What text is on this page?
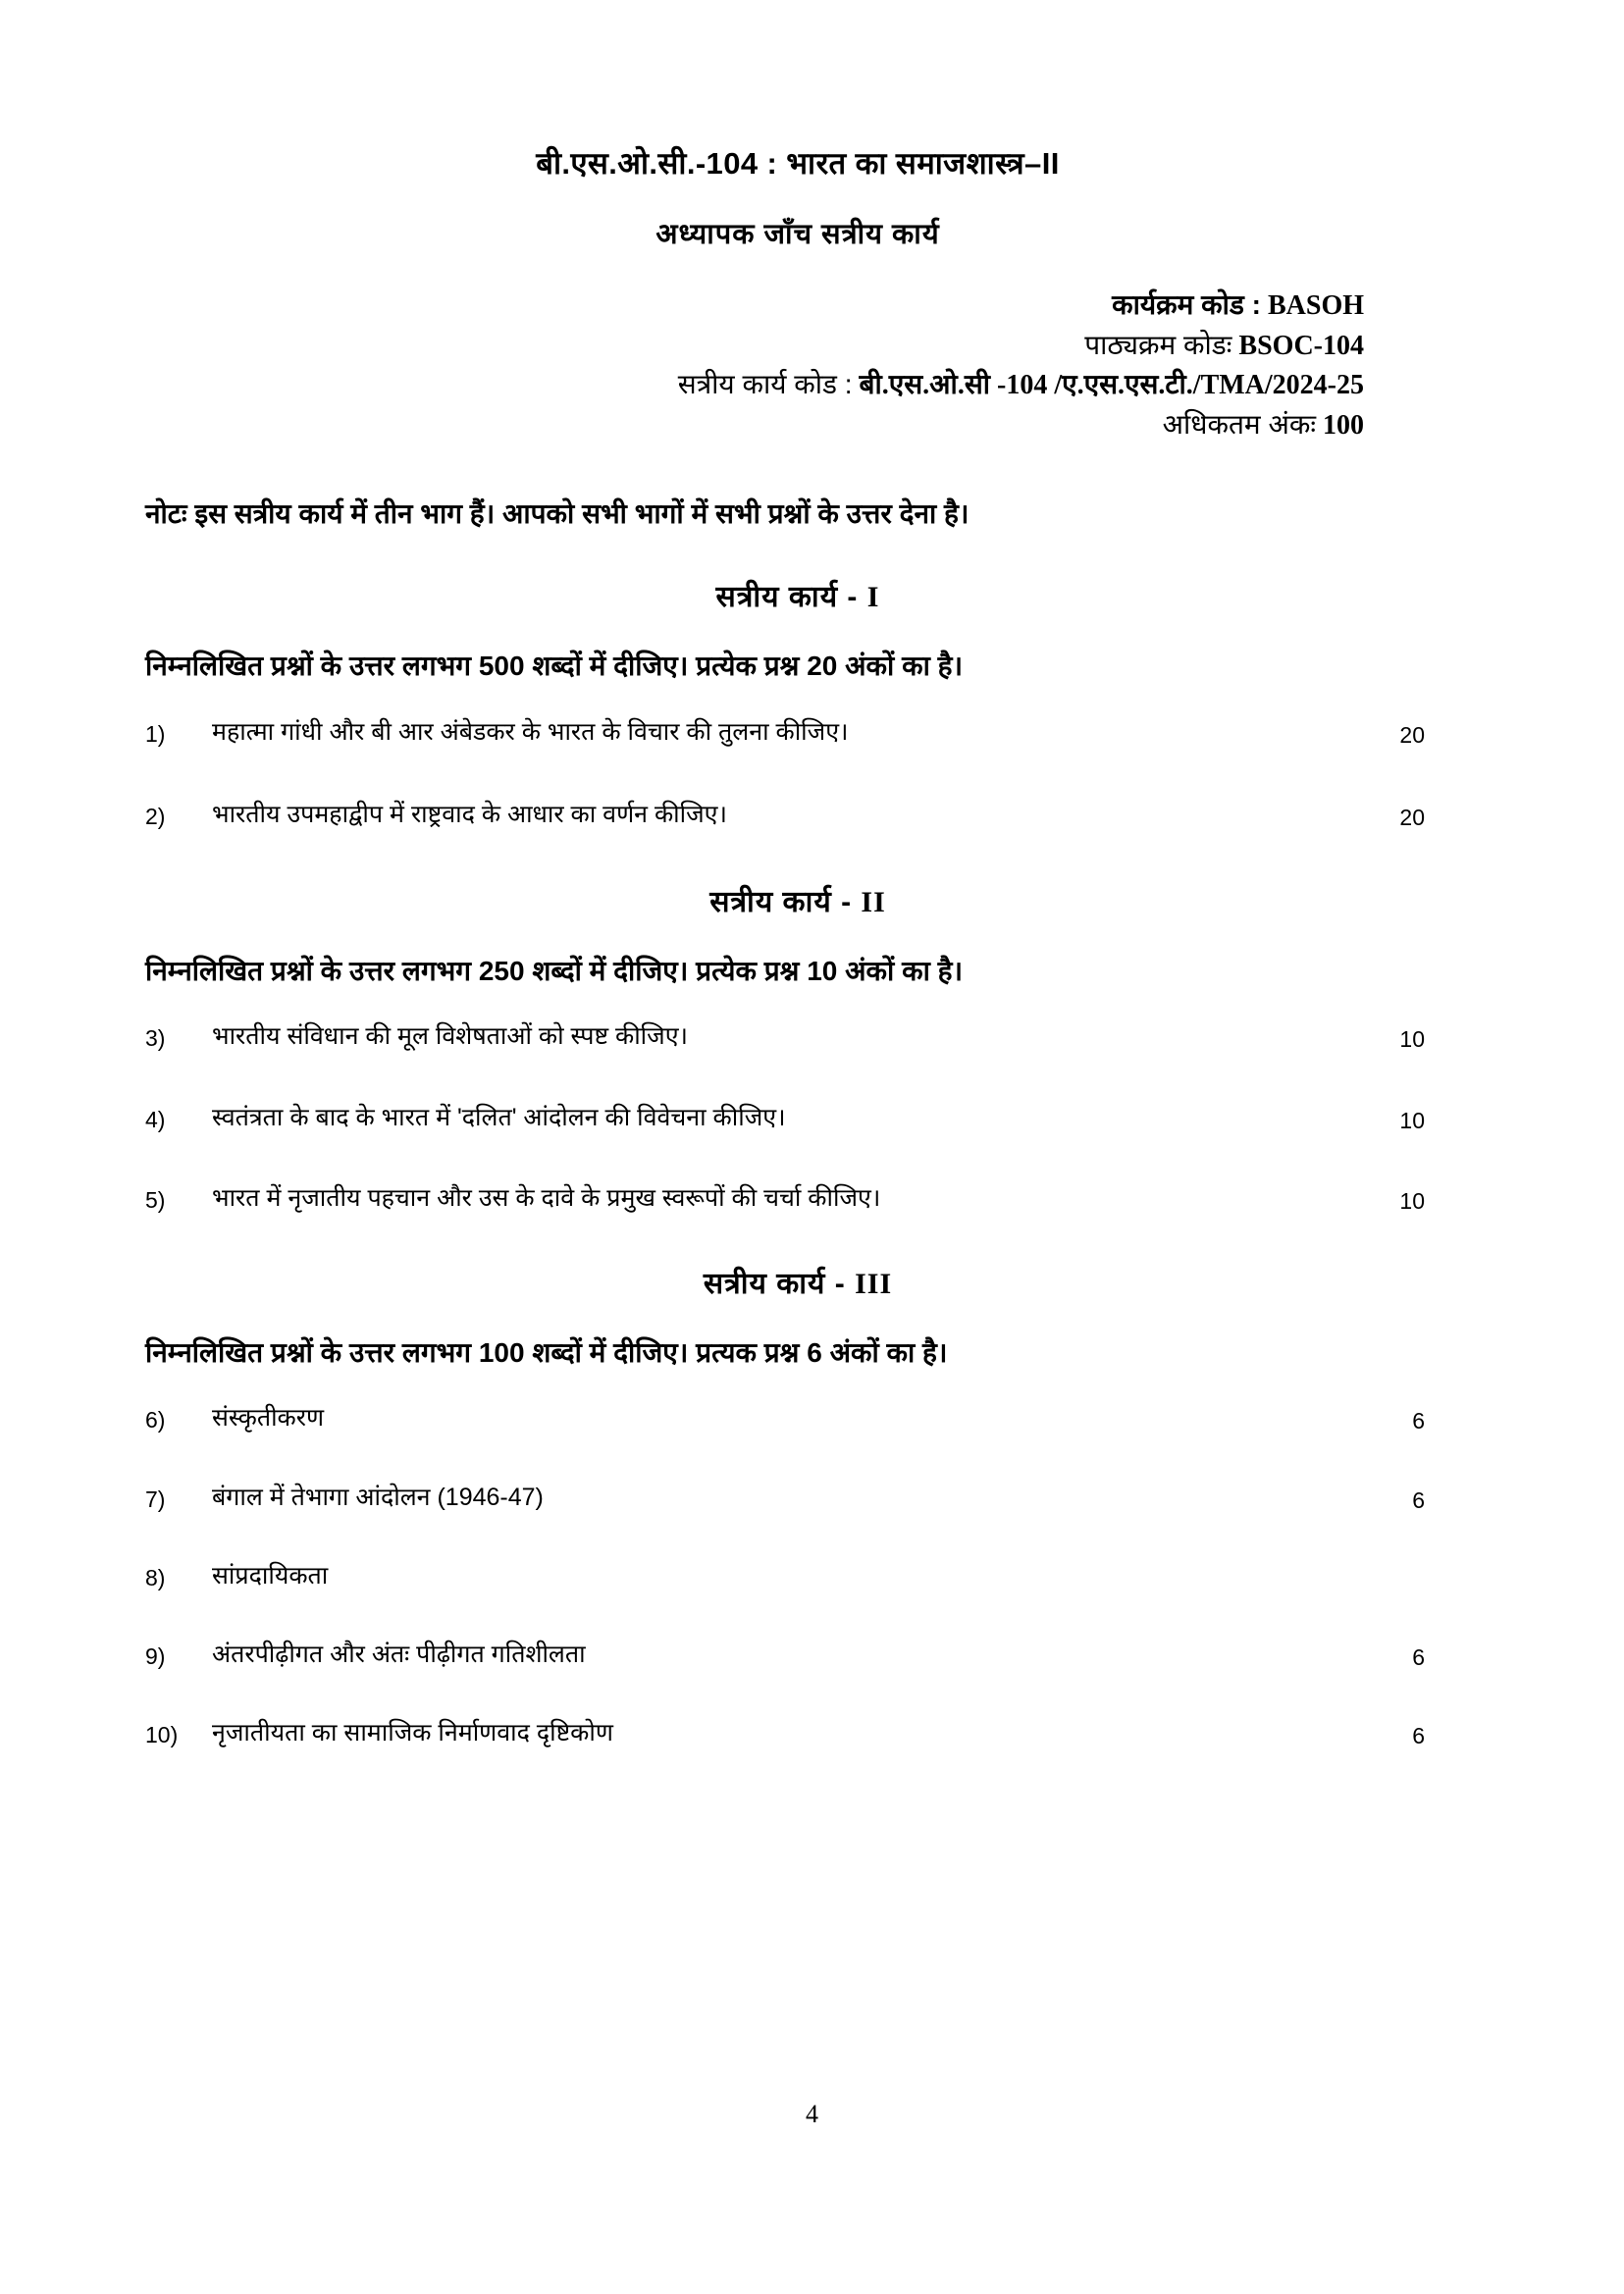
बी.एस.ओ.सी.-104 : भारत का समाजशास्त्र–II
अध्यापक जाँच सत्रीय कार्य
कार्यक्रम कोड : BASOH
पाठ्यक्रम कोडः BSOC-104
सत्रीय कार्य कोड : बी.एस.ओ.सी -104 /ए.एस.एस.टी./TMA/2024-25
अधिकतम अंकः 100
नोटः इस सत्रीय कार्य में तीन भाग हैं। आपको सभी भागों में सभी प्रश्नों के उत्तर देना है।
सत्रीय कार्य - I
निम्नलिखित प्रश्नों के उत्तर लगभग 500 शब्दों में दीजिए। प्रत्येक प्रश्न 20 अंकों का है।
1)	महात्मा गांधी और बी आर अंबेडकर के भारत के विचार की तुलना कीजिए।	20
2)	भारतीय उपमहाद्वीप में राष्ट्रवाद के आधार का वर्णन कीजिए।	20
सत्रीय कार्य - II
निम्नलिखित प्रश्नों के उत्तर लगभग 250 शब्दों में दीजिए। प्रत्येक प्रश्न 10 अंकों का है।
3)	भारतीय संविधान की मूल विशेषताओं को स्पष्ट कीजिए।	10
4)	स्वतंत्रता के बाद के भारत में 'दलित' आंदोलन की विवेचना कीजिए।	10
5)	भारत में नृजातीय पहचान और उस के दावे के प्रमुख स्वरूपों की चर्चा कीजिए।	10
सत्रीय कार्य - III
निम्नलिखित प्रश्नों के उत्तर लगभग 100 शब्दों में दीजिए। प्रत्यक प्रश्न 6 अंकों का है।
6)	संस्कृतीकरण	6
7)	बंगाल में तेभागा आंदोलन (1946-47)	6
8)	सांप्रदायिकता
9)	अंतरपीढ़ीगत और अंतः पीढ़ीगत गतिशीलता	6
10)	नृजातीयता का सामाजिक निर्माणवाद दृष्टिकोण	6
4
